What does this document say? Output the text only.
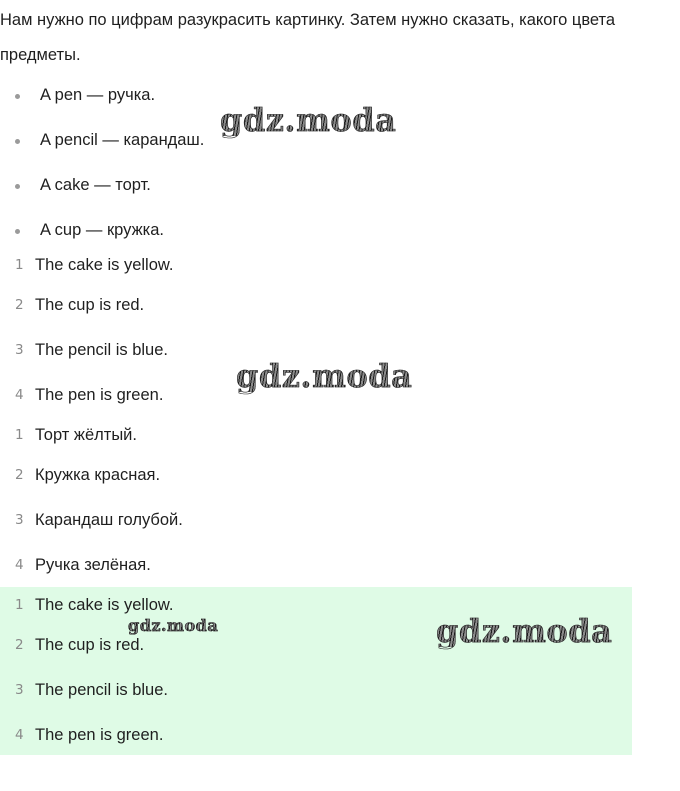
Нам нужно по цифрам разукрасить картинку. Затем нужно сказать, какого цвета предметы.

A pen — ручка.
A pencil — карандаш.
A cake — торт.
A cup — кружка.
1 The cake is yellow.
2 The cup is red.
3 The pencil is blue.
4 The pen is green.
1 Торт жёлтый.
2 Кружка красная.
3 Карандаш голубой.
4 Ручка зелёная.
1 The cake is yellow.
2 The cup is red.
3 The pencil is blue.
4 The pen is green.
gdz.moda
gdz.moda
gdz.moda	gdz.moda
